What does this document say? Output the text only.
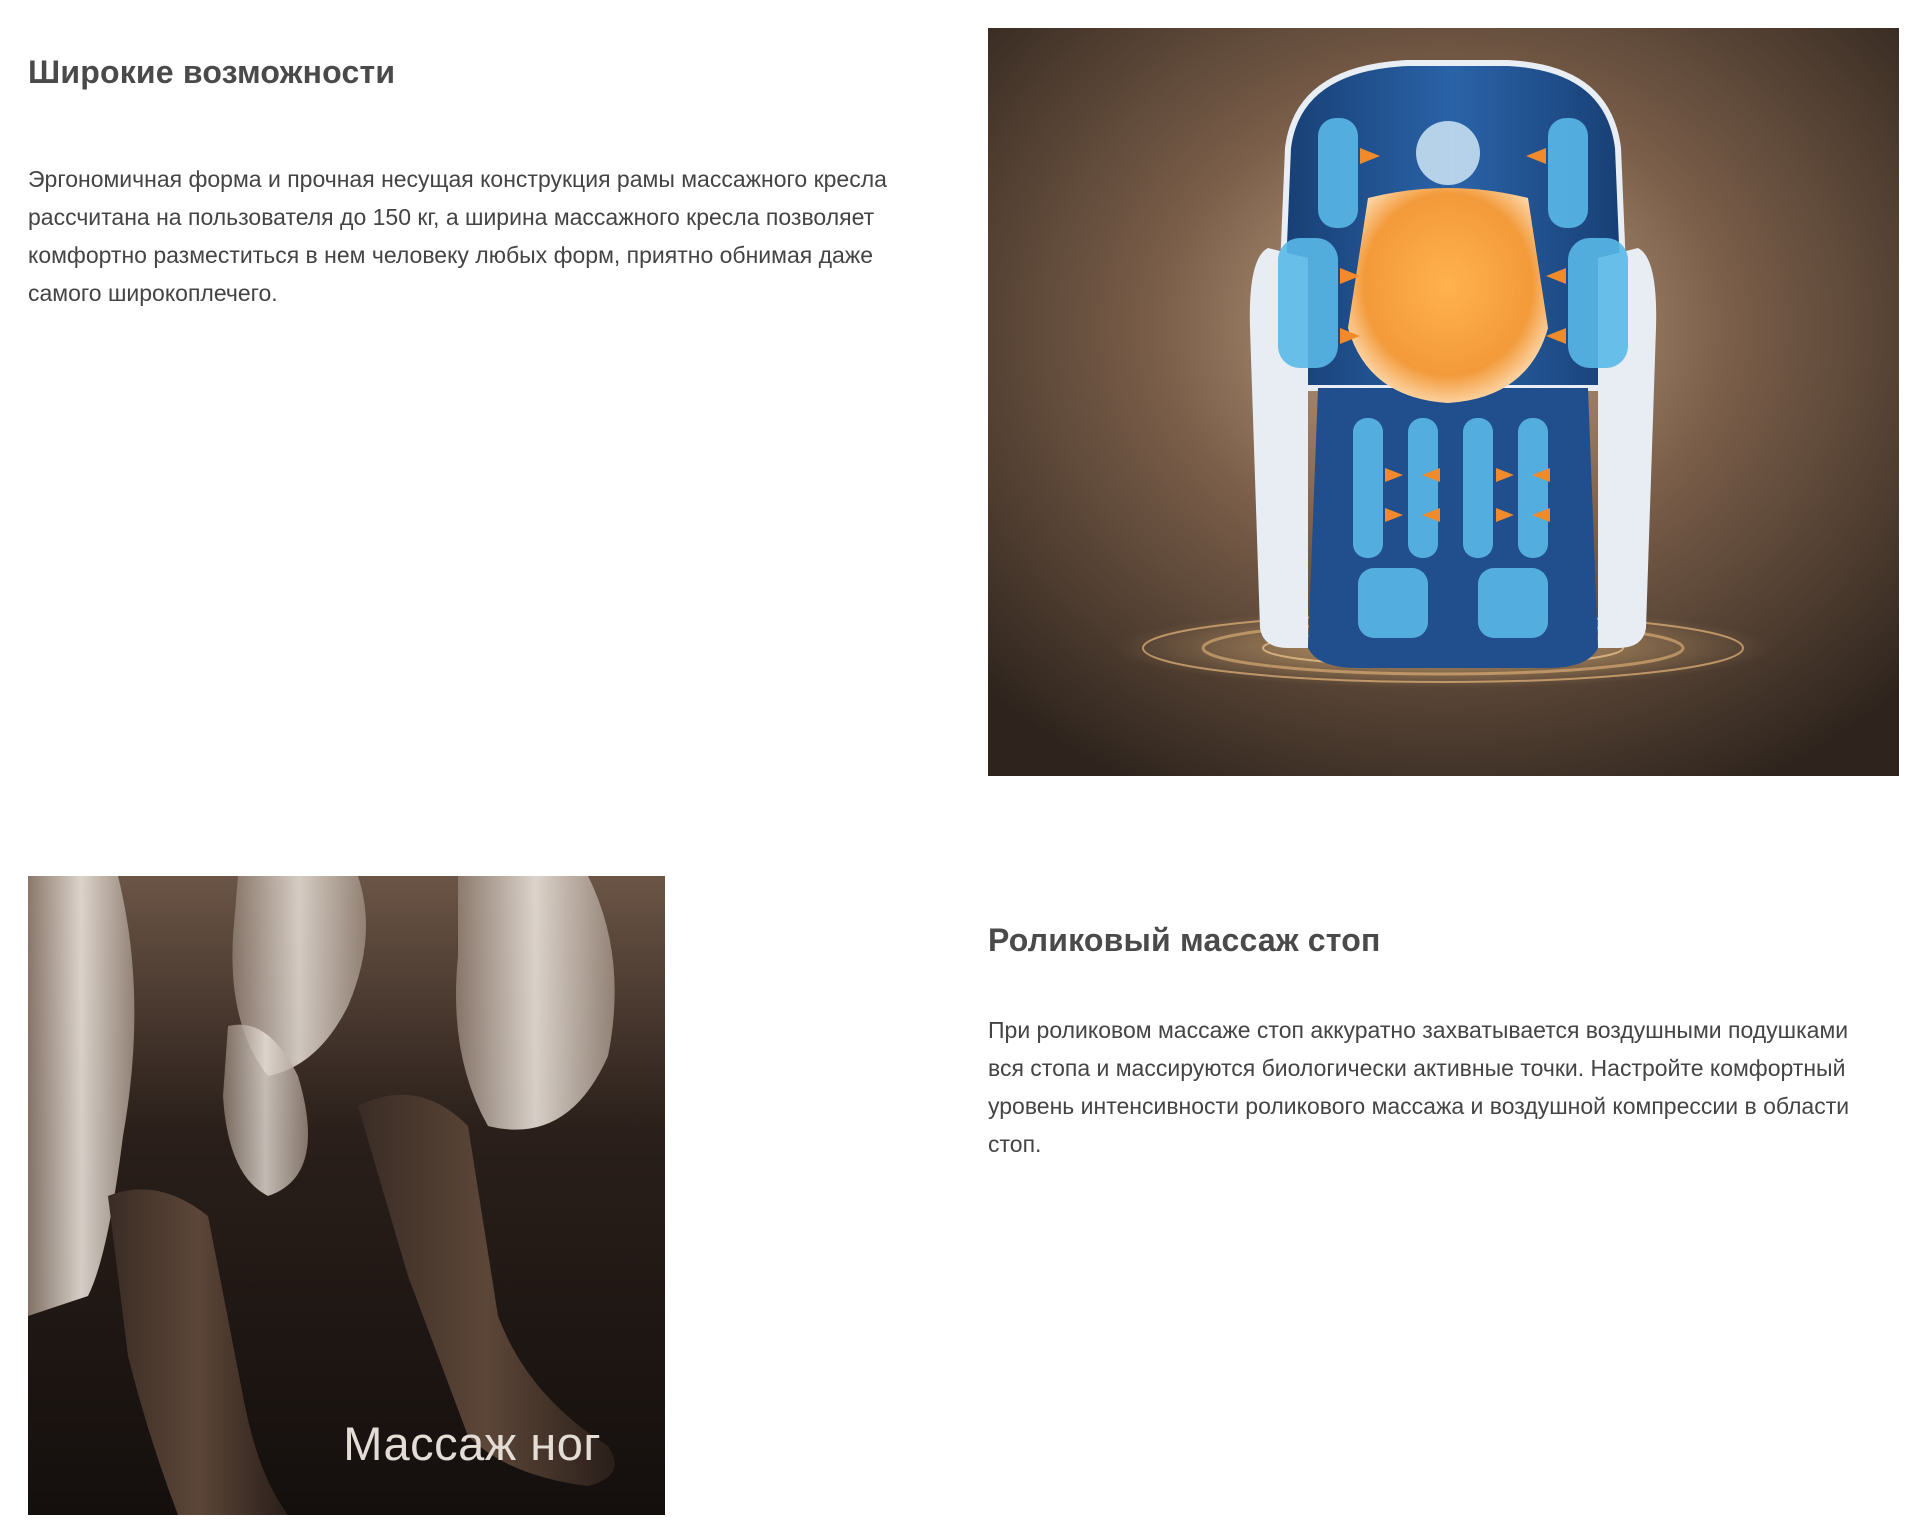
Широкие возможности

Эргономичная форма и прочная несущая конструкция рамы массажного кресла рассчитана на пользователя до 150 кг, а ширина массажного кресла позволяет комфортно разместиться в нем человеку любых форм, приятно обнимая даже самого широкоплечего.

Массаж ног
Роликовый массаж стоп

При роликовом массаже стоп аккуратно захватывается воздушными подушками вся стопа и массируются биологически активные точки. Настройте комфортный уровень интенсивности роликового массажа и воздушной компрессии в области стоп.
